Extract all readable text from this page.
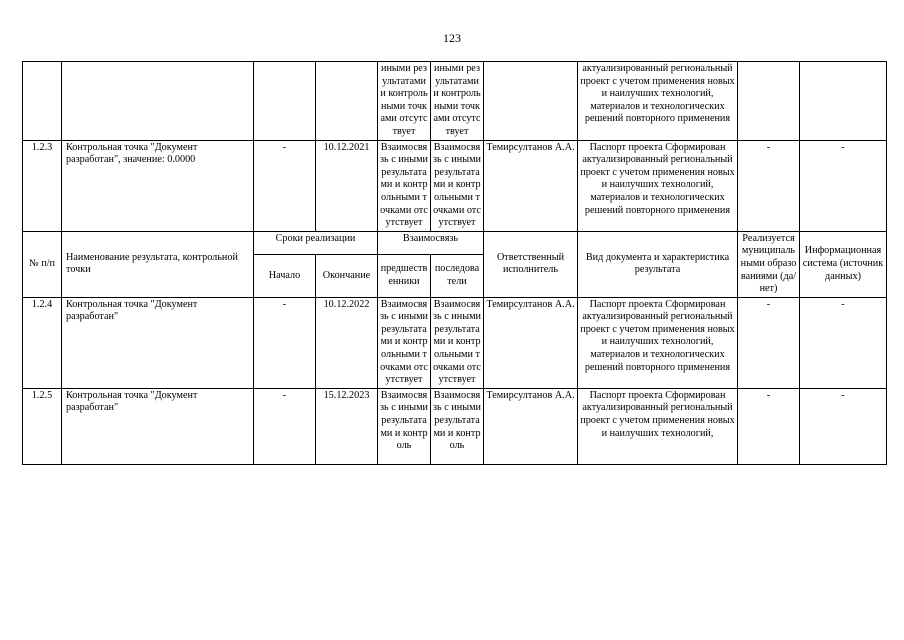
123
				иными результатами и контрольными точками отсутствует	иными результатами и контрольными точками отсутствует		актуализированный региональный проект с учетом применения новых и наилучших технологий, материалов и технологических решений повторного применения		
1.2.3	Контрольная точка "Документ разработан", значение: 0.0000	-	10.12.2021	Взаимосвязь с иными результатами и контрольными точками отсутствует	Взаимосвязь с иными результатами и контрольными точками отсутствует	Темирсултанов А.А.	Паспорт проекта Сформирован актуализированный региональный проект с учетом применения новых и наилучших технологий, материалов и технологических решений повторного применения	-	-
№ п/п	Наименование результата, контрольной точки	Сроки реализации		Взаимосвязь		Ответственный исполнитель	Вид документа и характеристика результата	Реализуется муниципальными образованиями (да/нет)	Информационная система (источник данных)
		Начало	Окончание	предшественники	последователи				
1.2.4	Контрольная точка "Документ разработан"	-	10.12.2022	Взаимосвязь с иными результатами и контрольными точками отсутствует	Взаимосвязь с иными результатами и контрольными точками отсутствует	Темирсултанов А.А.	Паспорт проекта Сформирован актуализированный региональный проект с учетом применения новых и наилучших технологий, материалов и технологических решений повторного применения	-	-
1.2.5	Контрольная точка "Документ разработан"	-	15.12.2023	Взаимосвязь с иными результатами и контроль	Взаимосвязь с иными результатами и контроль	Темирсултанов А.А.	Паспорт проекта Сформирован актуализированный региональный проект с учетом применения новых и наилучших технологий,	-	-
